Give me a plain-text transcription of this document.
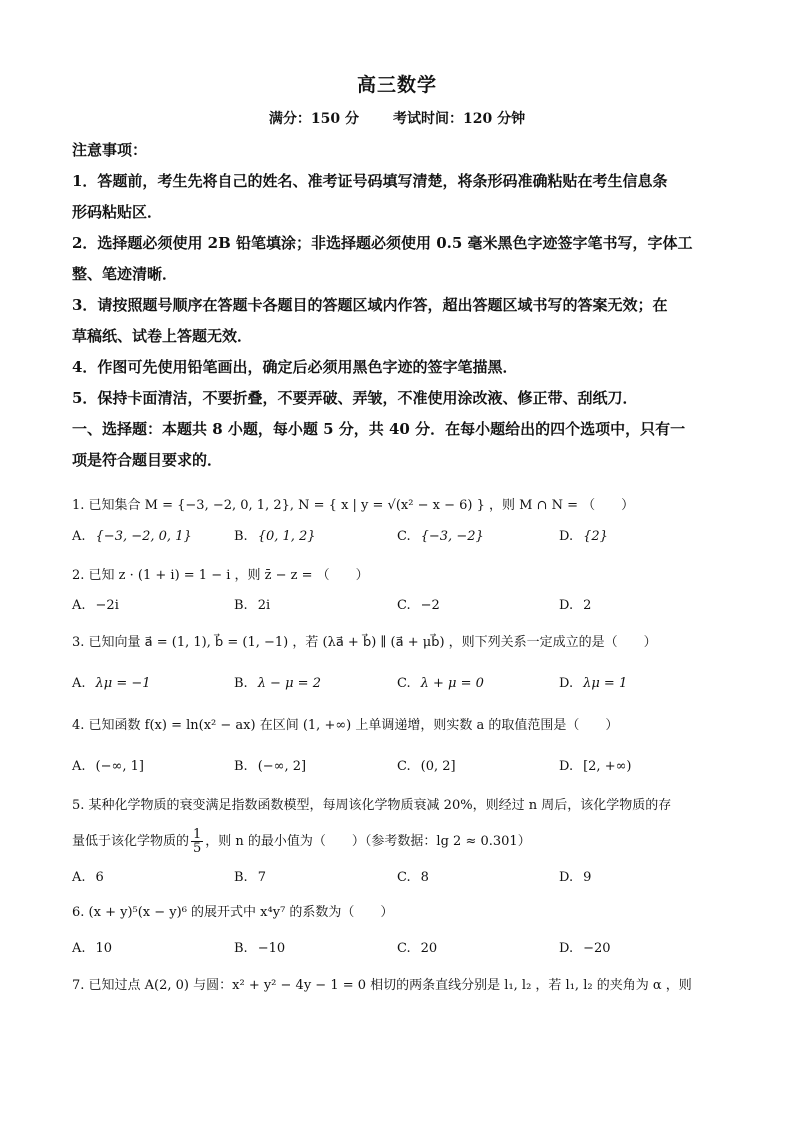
高三数学
满分：150 分 考试时间：120 分钟
注意事项：
1．答题前，考生先将自己的姓名、准考证号码填写清楚，将条形码准确粘贴在考生信息条
形码粘贴区．
2．选择题必须使用 2B 铅笔填涂；非选择题必须使用 0.5 毫米黑色字迹签字笔书写，字体工
整、笔迹清晰．
3．请按照题号顺序在答题卡各题目的答题区域内作答，超出答题区域书写的答案无效；在
草稿纸、试卷上答题无效．
4．作图可先使用铅笔画出，确定后必须用黑色字迹的签字笔描黑．
5．保持卡面清洁，不要折叠，不要弄破、弄皱，不准使用涂改液、修正带、刮纸刀．
一、选择题：本题共 8 小题，每小题 5 分，共 40 分．在每小题给出的四个选项中，只有一
项是符合题目要求的．
1. 已知集合 M = {−3, −2, 0, 1, 2}, N = { x | y = √(x² − x − 6) } ，则 M ∩ N = （　　）
A. {−3, −2, 0, 1}	B. {0, 1, 2}	C. {−3, −2}	D. {2}
2. 已知 z · (1 + i) = 1 − i ，则 z̄ − z = （　　）
A. −2i	B. 2i	C. −2	D. 2
3. 已知向量 a⃗ = (1, 1), b⃗ = (1, −1) ，若 (λa⃗ + b⃗) ∥ (a⃗ + μb⃗) ，则下列关系一定成立的是（　　）
A. λμ = −1	B. λ − μ = 2	C. λ + μ = 0	D. λμ = 1
4. 已知函数 f(x) = ln(x² − ax) 在区间 (1, +∞) 上单调递增，则实数 a 的取值范围是（　　）
A. (−∞, 1]	B. (−∞, 2]	C. (0, 2]	D. [2, +∞)
5. 某种化学物质的衰变满足指数函数模型，每周该化学物质衰减 20%，则经过 n 周后，该化学物质的存
量低于该化学物质的 $\frac{1}{5}$ ，则 n 的最小值为（　　）（参考数据：lg 2 ≈ 0.301）
A. 6	B. 7	C. 8	D. 9
6. (x + y)⁵(x − y)⁶ 的展开式中 x⁴y⁷ 的系数为（　　）
A. 10	B. −10	C. 20	D. −20
7. 已知过点 A(2, 0) 与圆：x² + y² − 4y − 1 = 0 相切的两条直线分别是 l₁, l₂ ，若 l₁, l₂ 的夹角为 α ，则
